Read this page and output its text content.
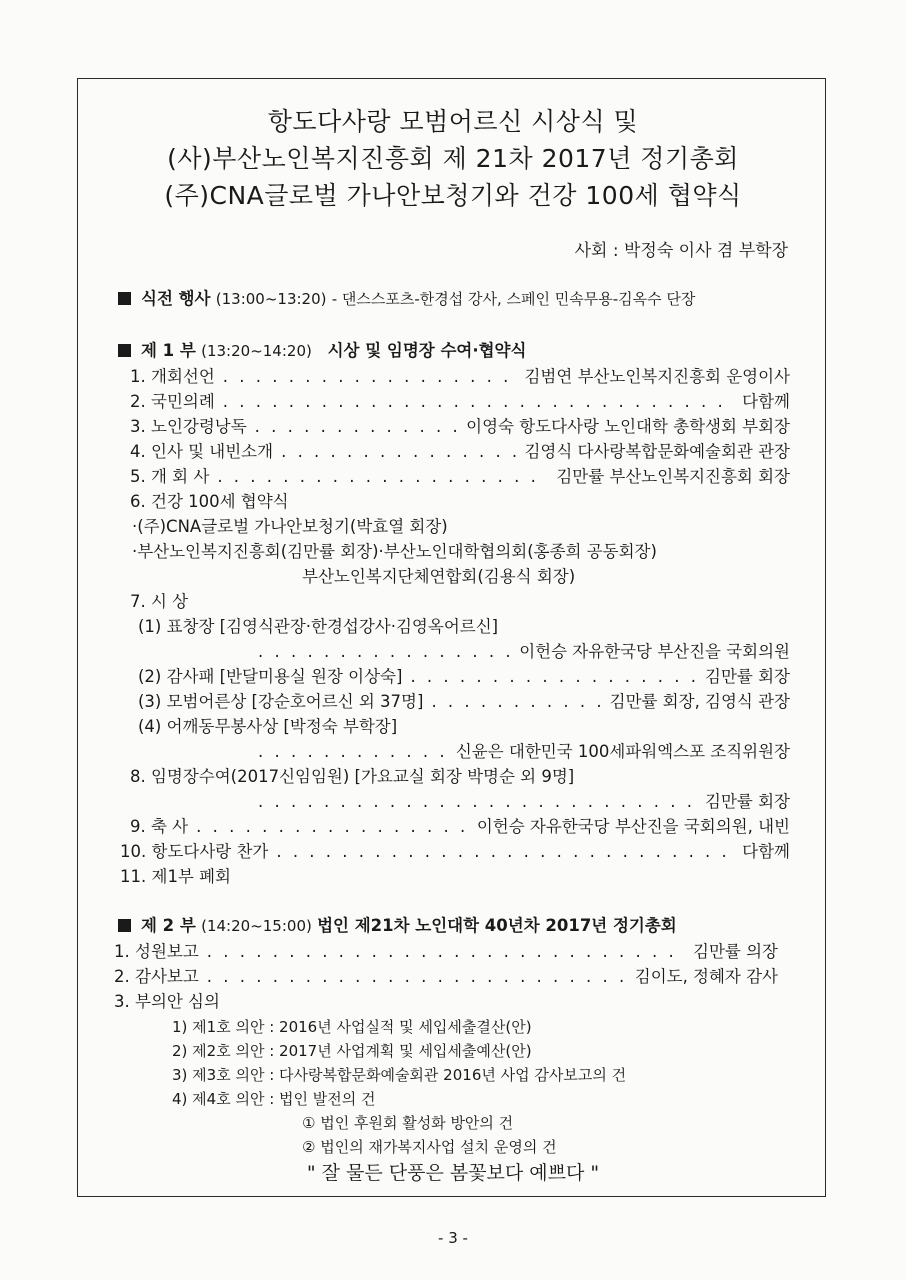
항도다사랑 모범어르신 시상식 및
(사)부산노인복지진흥회 제 21차 2017년 정기총회
(주)CNA글로벌 가나안보청기와 건강 100세 협약식
사회 : 박정숙 이사 겸 부학장
식전 행사 (13:00~13:20) - 댄스스포츠-한경섭 강사, 스페인 민속무용-김옥수 단장
제 1 부 (13:20~14:20) 시상 및 임명장 수여·협약식
1.
개회선언 . . .	김범연 부산노인복지진흥회 운영이사
2.
국민의례 . . .	다함께
3.
노인강령낭독 . . .	이영숙 항도다사랑 노인대학 총학생회 부회장
4.
인사 및 내빈소개 . . .	김영식 다사랑복합문화예술회관 관장
5.
개 회 사 . . .	김만률 부산노인복지진흥회 회장
6. 건강 100세 협약식
·(주)CNA글로벌 가나안보청기(박효열 회장)
·부산노인복지진흥회(김만률 회장)·부산노인대학협의회(홍종희 공동회장)
부산노인복지단체연합회(김용식 회장)
7. 시 상
(1) 표창장 [김영식관장·한경섭강사·김영옥어르신]
. . .
이헌승 자유한국당 부산진을 국회의원
(2) 감사패 [반달미용실 원장 이상숙] . . .	김만률 회장
(3) 모범어른상 [강순호어르신 외 37명] . . .	김만률 회장, 김영식 관장
(4) 어깨동무봉사상 [박정숙 부학장]
. . .
신윤은 대한민국 100세파워엑스포 조직위원장
8. 임명장수여(2017신임임원) [가요교실 회장 박명순 외 9명]
. . .
김만률 회장
9.
축 사 . . .	이헌승 자유한국당 부산진을 국회의원, 내빈
10.
항도다사랑 찬가 . . .	다함께
11. 제1부 폐회
제 2 부 (14:20~15:00) 법인 제21차 노인대학 40년차 2017년 정기총회
1.
성원보고 . . .	김만률 의장
2.
감사보고 . . .	김이도, 정혜자 감사
3. 부의안 심의
1) 제1호 의안 : 2016년 사업실적 및 세입세출결산(안)
2) 제2호 의안 : 2017년 사업계획 및 세입세출예산(안)
3) 제3호 의안 : 다사랑복합문화예술회관 2016년 사업 감사보고의 건
4) 제4호 의안 : 법인 발전의 건
① 법인 후원회 활성화 방안의 건
② 법인의 재가복지사업 설치 운영의 건
" 잘 물든 단풍은 봄꽃보다 예쁘다 "
- 3 -
